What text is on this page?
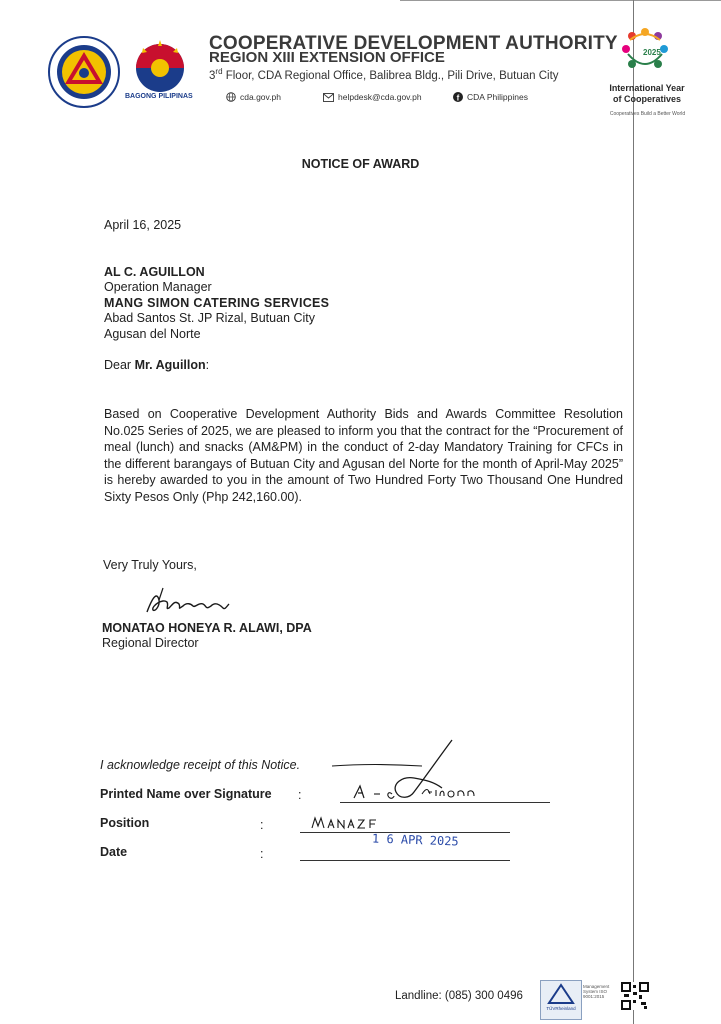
BAGONG PILIPINAS
COOPERATIVE DEVELOPMENT AUTHORITY
REGION XIII EXTENSION OFFICE
3rd Floor, CDA Regional Office, Balibrea Bldg., Pili Drive, Butuan City
cda.gov.ph	helpdesk@cda.gov.ph	f CDA Philippines
2025
International Year
of Cooperatives
Cooperatives Build a Better World
NOTICE OF AWARD
April 16, 2025
AL C. AGUILLON
Operation Manager
MANG SIMON CATERING SERVICES
Abad Santos St. JP Rizal, Butuan City
Agusan del Norte
Dear Mr. Aguillon:
Based on Cooperative Development Authority Bids and Awards Committee Resolution No.025 Series of 2025, we are pleased to inform you that the contract for the “Procurement of meal (lunch) and snacks (AM&PM) in the conduct of 2-day Mandatory Training for CFCs in the different barangays of Butuan City and Agusan del Norte for the month of April-May 2025” is hereby awarded to you in the amount of Two Hundred Forty Two Thousand One Hundred Sixty Pesos Only (Php 242,160.00).
Very Truly Yours,
MONATAO HONEYA R. ALAWI, DPA
Regional Director
I acknowledge receipt of this Notice.
Printed Name over Signature :
Position	:
Date	:
1 6 APR 2025
Landline: (085) 300 0496
TÜVRheinland
Management System ISO 9001:2015
